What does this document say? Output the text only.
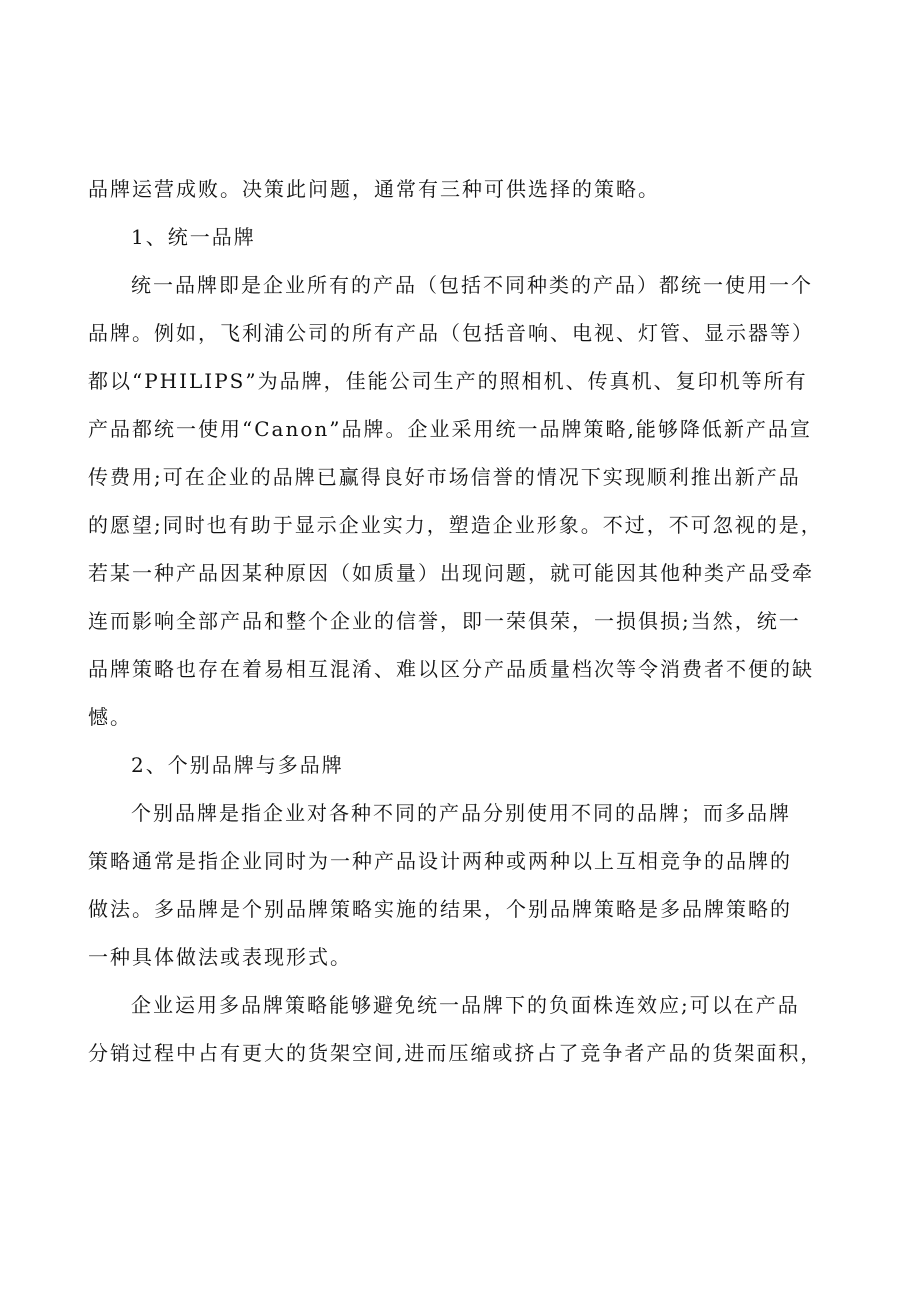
品牌运营成败。决策此问题，通常有三种可供选择的策略。
1、统一品牌
统一品牌即是企业所有的产品（包括不同种类的产品）都统一使用一个
品牌。例如，飞利浦公司的所有产品（包括音响、电视、灯管、显示器等）
都以“PHILIPS”为品牌，佳能公司生产的照相机、传真机、复印机等所有
产品都统一使用“Canon”品牌。企业采用统一品牌策略,能够降低新产品宣
传费用;可在企业的品牌已赢得良好市场信誉的情况下实现顺利推出新产品
的愿望;同时也有助于显示企业实力，塑造企业形象。不过，不可忽视的是，
若某一种产品因某种原因（如质量）出现问题，就可能因其他种类产品受牵
连而影响全部产品和整个企业的信誉，即一荣俱荣，一损俱损;当然，统一
品牌策略也存在着易相互混淆、难以区分产品质量档次等令消费者不便的缺
憾。
2、个别品牌与多品牌
个别品牌是指企业对各种不同的产品分别使用不同的品牌；而多品牌
策略通常是指企业同时为一种产品设计两种或两种以上互相竞争的品牌的
做法。多品牌是个别品牌策略实施的结果，个别品牌策略是多品牌策略的
一种具体做法或表现形式。
企业运用多品牌策略能够避免统一品牌下的负面株连效应;可以在产品
分销过程中占有更大的货架空间,进而压缩或挤占了竞争者产品的货架面积，
